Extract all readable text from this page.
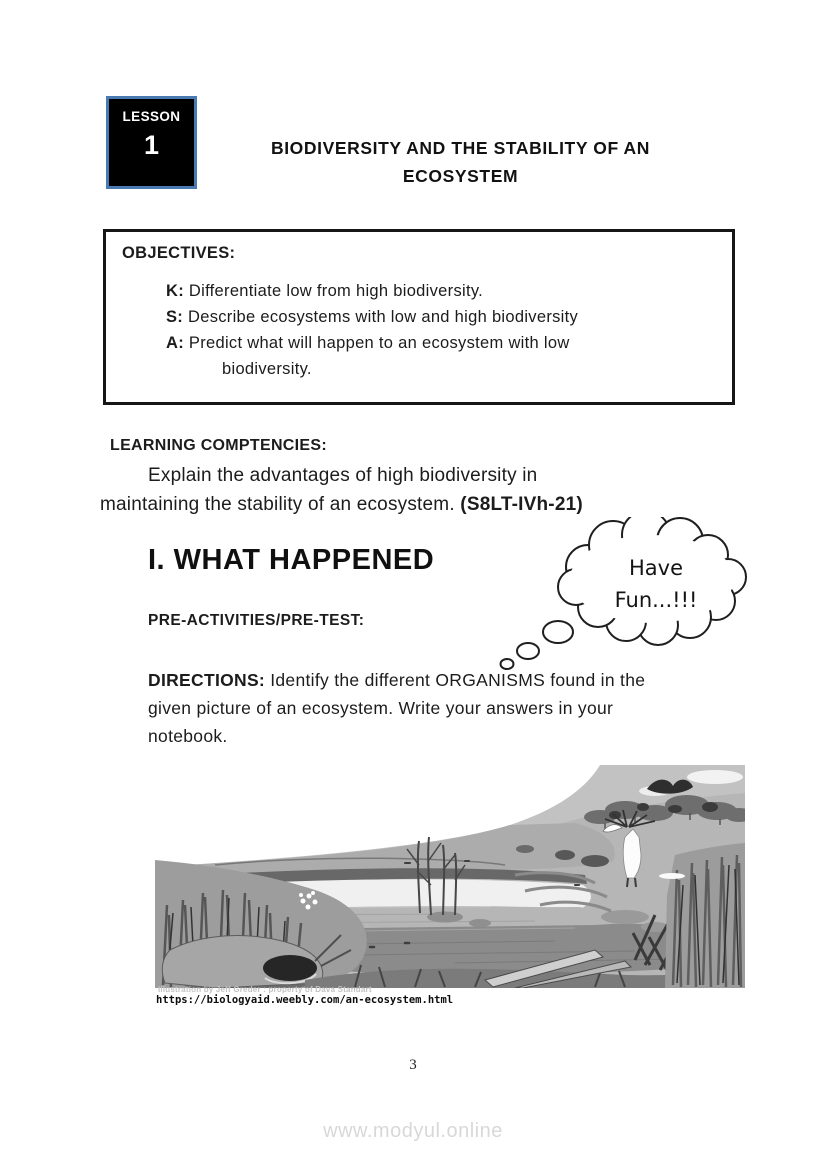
LESSON
1	BIODIVERSITY AND THE STABILITY OF AN
ECOSYSTEM
OBJECTIVES:
K: Differentiate low from high biodiversity.
S: Describe ecosystems with low and high biodiversity
A: Predict what will happen to an ecosystem with low
biodiversity.
LEARNING COMPTENCIES:
Explain the advantages of high biodiversity in
maintaining the stability of an ecosystem. (S8LT-IVh-21)
I. WHAT HAPPENED
PRE-ACTIVITIES/PRE-TEST:
Have
Fun...!!!
DIRECTIONS: Identify the different ORGANISMS found in the given picture of an ecosystem. Write your answers in your notebook.
Illustration by Jeff Greder : property of Dava Standart
https://biologyaid.weebly.com/an-ecosystem.html
3
www.modyul.online
